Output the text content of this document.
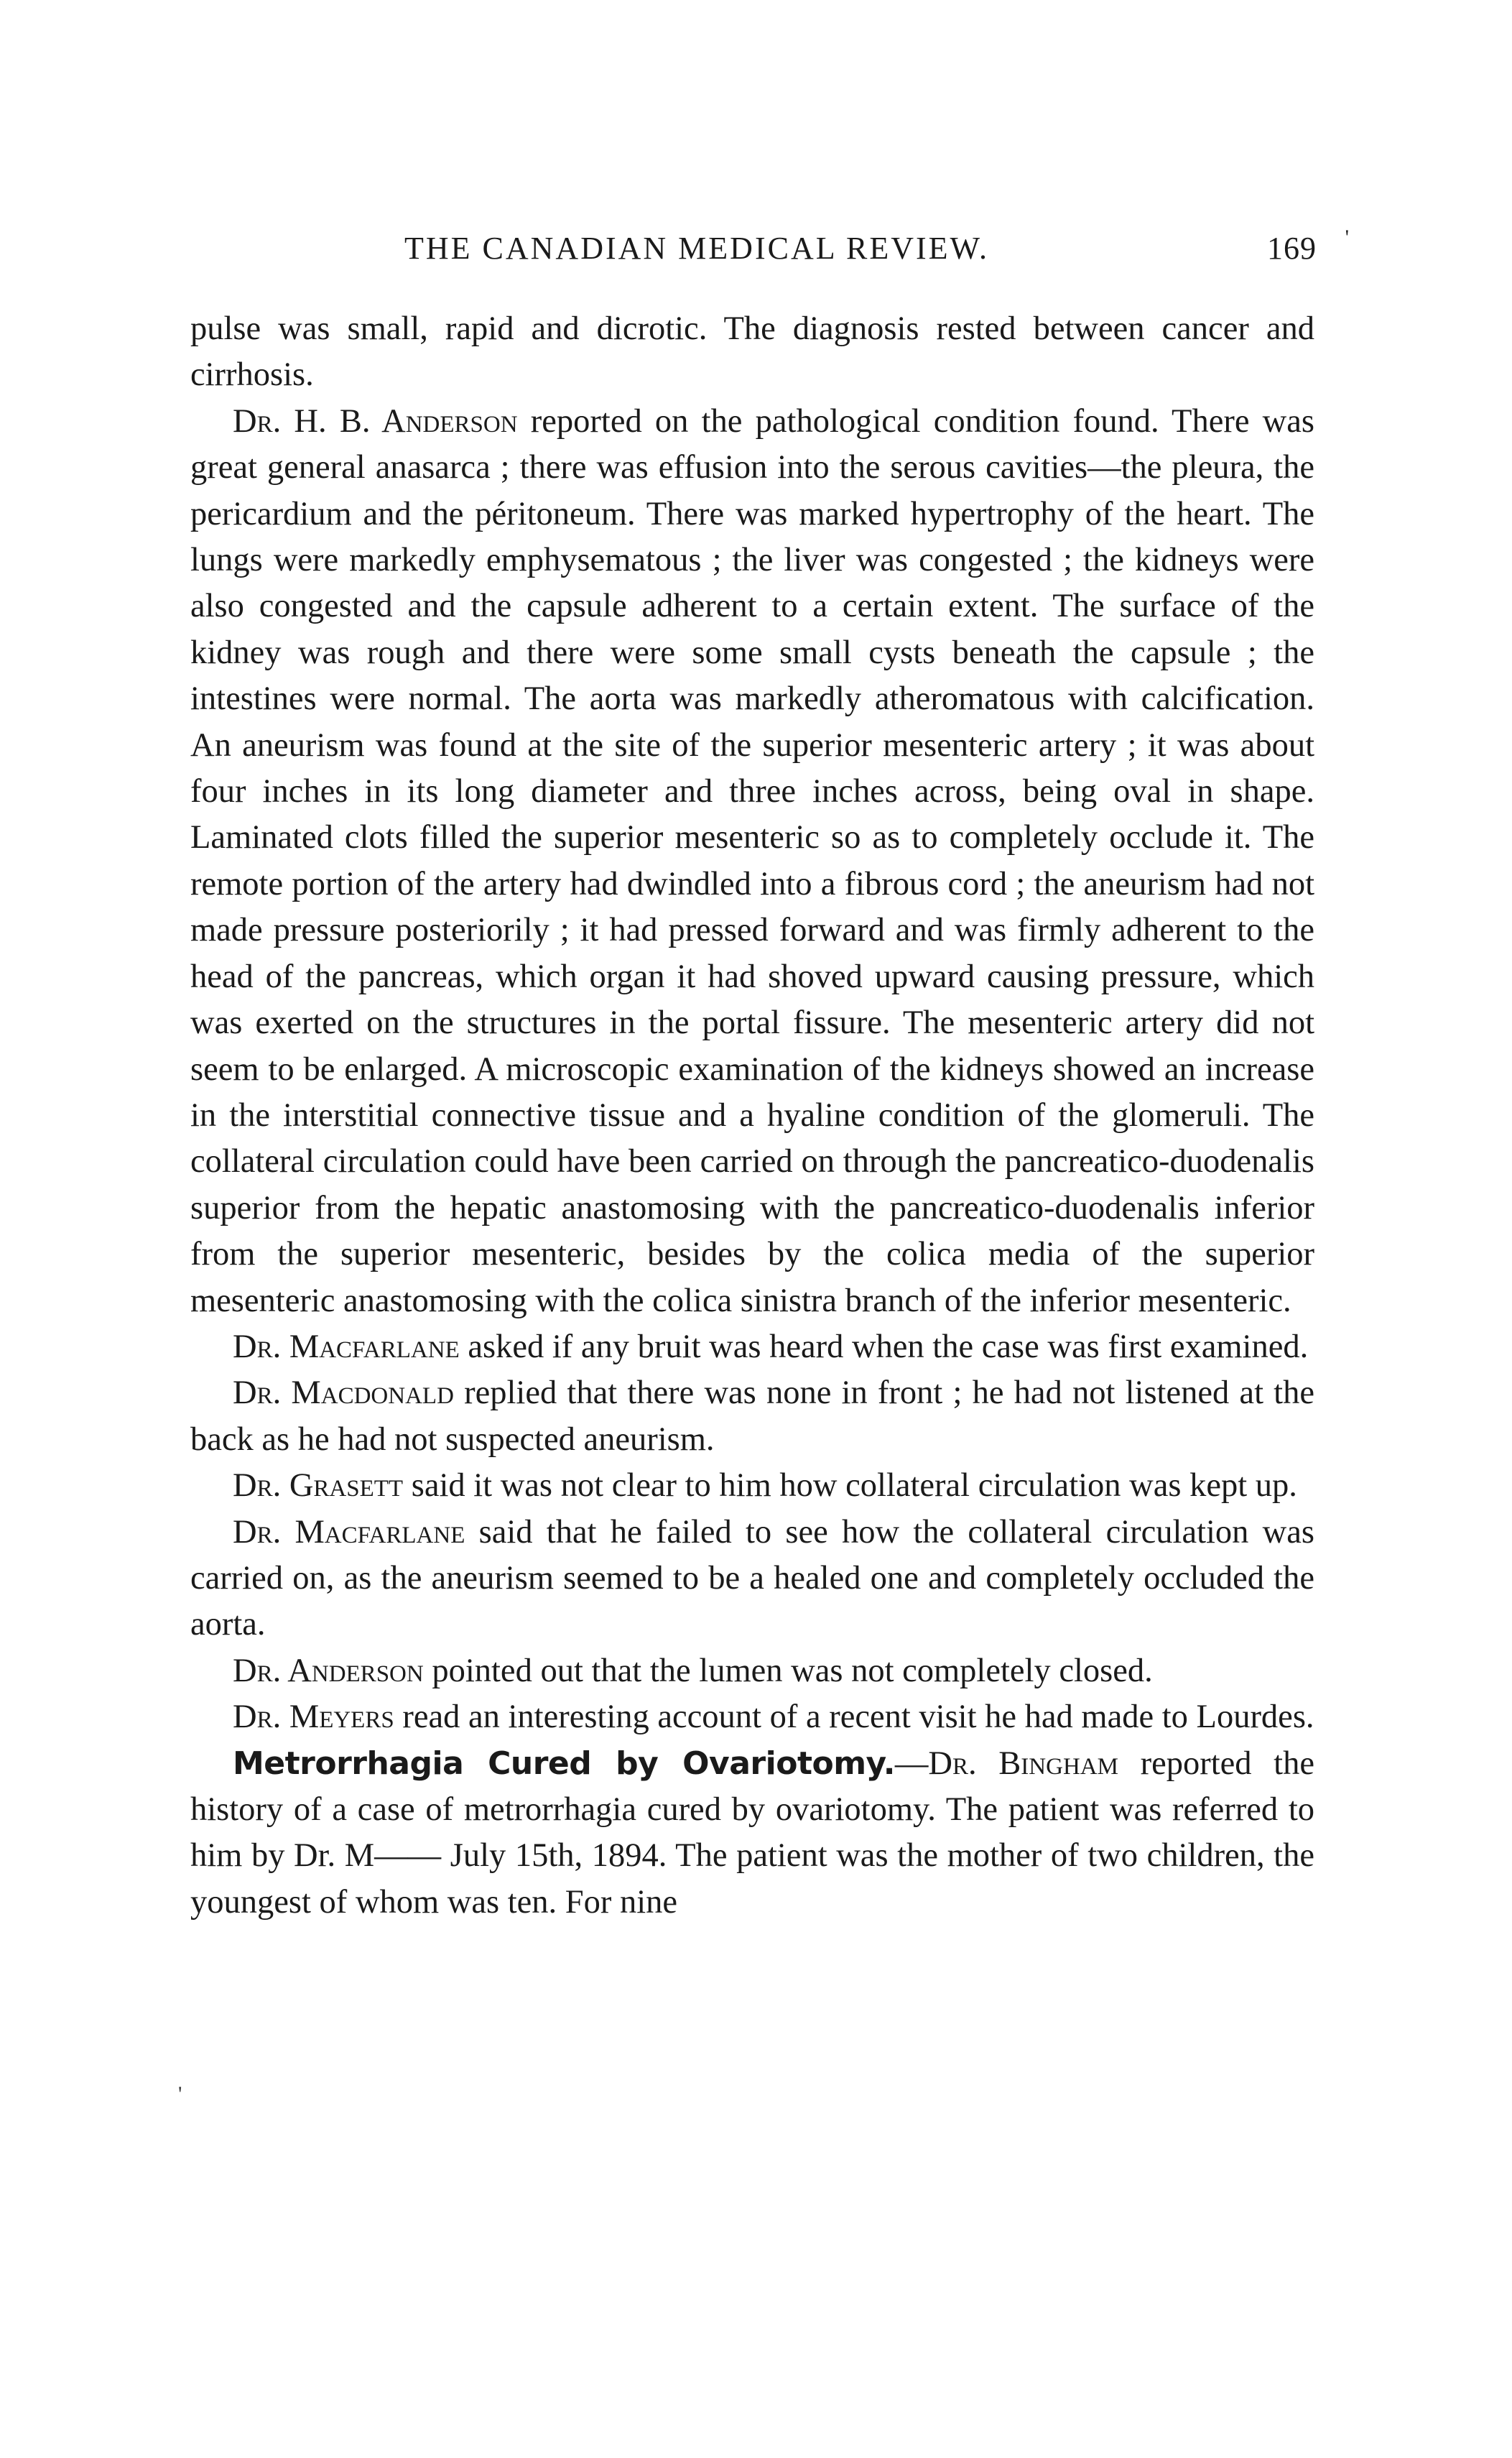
THE CANADIAN MEDICAL REVIEW.	169 '

pulse was small, rapid and dicrotic. The diagnosis rested between cancer and cirrhosis.

Dr. H. B. Anderson reported on the pathological condition found. There was great general anasarca ; there was effusion into the serous cavities—the pleura, the pericardium and the péritoneum. There was marked hypertrophy of the heart. The lungs were markedly emphysematous ; the liver was congested ; the kidneys were also congested and the capsule adherent to a certain extent. The surface of the kidney was rough and there were some small cysts beneath the capsule ; the intestines were normal. The aorta was markedly atheromatous with calcification. An aneurism was found at the site of the superior mesenteric artery ; it was about four inches in its long diameter and three inches across, being oval in shape. Laminated clots filled the superior mesenteric so as to completely occlude it. The remote portion of the artery had dwindled into a fibrous cord ; the aneurism had not made pressure posteriorily ; it had pressed forward and was firmly adherent to the head of the pancreas, which organ it had shoved upward causing pressure, which was exerted on the structures in the portal fissure. The mesenteric artery did not seem to be enlarged. A microscopic examination of the kidneys showed an increase in the interstitial connective tissue and a hyaline condition of the glomeruli. The collateral circulation could have been carried on through the pancreatico-duodenalis superior from the hepatic anastomosing with the pancreatico-duodenalis inferior from the superior mesenteric, besides by the colica media of the superior mesenteric anastomosing with the colica sinistra branch of the inferior mesenteric.

Dr. Macfarlane asked if any bruit was heard when the case was first examined.

Dr. Macdonald replied that there was none in front ; he had not listened at the back as he had not suspected aneurism.

Dr. Grasett said it was not clear to him how collateral circulation was kept up.

Dr. Macfarlane said that he failed to see how the collateral circulation was carried on, as the aneurism seemed to be a healed one and completely occluded the aorta.

Dr. Anderson pointed out that the lumen was not completely closed.

Dr. Meyers read an interesting account of a recent visit he had made to Lourdes.

Metrorrhagia Cured by Ovariotomy.—Dr. Bingham reported the history of a case of metrorrhagia cured by ovariotomy. The patient was referred to him by Dr. M—— July 15th, 1894. The patient was the mother of two children, the youngest of whom was ten. For nine

'
